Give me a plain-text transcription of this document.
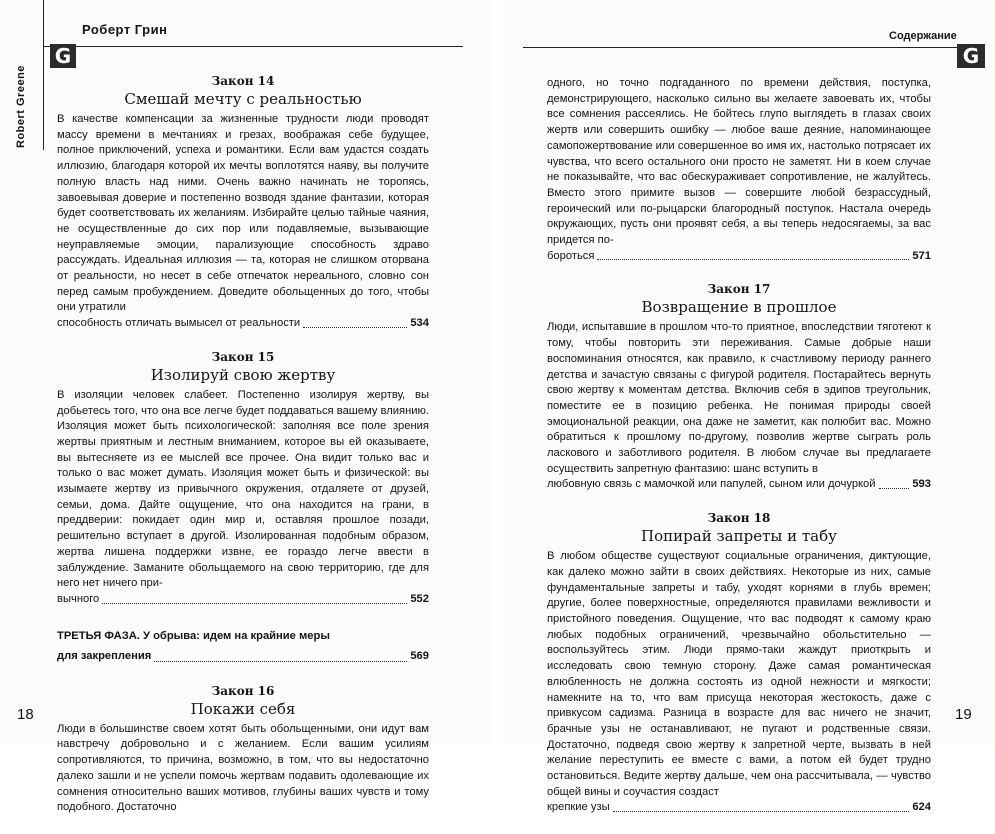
G
Роберт Грин
Robert Greene	Закон 14
Смешай мечту с реальностью

В качестве компенсации за жизненные трудности люди проводят массу времени в мечтаниях и грезах, воображая себе будущее, полное приключений, успеха и романтики. Если вам удастся создать иллюзию, благодаря которой их мечты воплотятся наяву, вы получите полную власть над ними. Очень важно начинать не торопясь, завоевывая доверие и постепенно возводя здание фантазии, которая будет соответствовать их желаниям. Избирайте целью тайные чаяния, не осуществленные до сих пор или подавляемые, вызывающие неуправляемые эмоции, парализующие способность здраво рассуждать. Идеальная иллюзия — та, которая не слишком оторвана от реальности, но несет в себе отпечаток нереального, словно сон перед самым пробуждением. Доведите обольщенных до того, чтобы они утратили

способность отличать вымысел от реальности	534
Закон 15
Изолируй свою жертву

В изоляции человек слабеет. Постепенно изолируя жертву, вы добьетесь того, что она все легче будет поддаваться вашему влиянию. Изоляция может быть психологической: заполняя все поле зрения жертвы приятным и лестным вниманием, которое вы ей оказываете, вы вытесняете из ее мыслей все прочее. Она видит только вас и только о вас может думать. Изоляция может быть и физической: вы изымаете жертву из привычного окружения, отдаляете от друзей, семьи, дома. Дайте ощущение, что она находится на грани, в преддверии: покидает один мир и, оставляя прошлое позади, решительно вступает в другой. Изолированная подобным образом, жертва лишена поддержки извне, ее гораздо легче ввести в заблуждение. Заманите обольщаемого на свою территорию, где для него нет ничего при-

вычного	552
ТРЕТЬЯ ФАЗА. У обрыва: идем на крайние меры
для закрепления	569
Закон 16
Покажи себя

Люди в большинстве своем хотят быть обольщенными, они идут вам навстречу добровольно и с желанием. Если вашим усилиям сопротивляются, то причина, возможно, в том, что вы недостаточно далеко зашли и не успели помочь жертвам подавить одолевающие их сомнения относительно ваших мотивов, глубины ваших чувств и тому подобного. Достаточно

18
Содержание
G

одного, но точно подгаданного по времени действия, поступка, демонстрирующего, насколько сильно вы желаете завоевать их, чтобы все сомнения рассеялись. Не бойтесь глупо выглядеть в глазах своих жертв или совершить ошибку — любое ваше деяние, напоминающее самопожертвование или совершенное во имя их, настолько потрясает их чувства, что всего остального они просто не заметят. Ни в коем случае не показывайте, что вас обескураживает сопротивление, не жалуйтесь. Вместо этого примите вызов — совершите любой безрассудный, героический или по-рыцарски благородный поступок. Настала очередь окружающих, пусть они проявят себя, а вы теперь недосягаемы, за вас придется по-

бороться	571
Закон 17
Возвращение в прошлое

Люди, испытавшие в прошлом что-то приятное, впоследствии тяготеют к тому, чтобы повторить эти переживания. Самые добрые наши воспоминания относятся, как правило, к счастливому периоду раннего детства и зачастую связаны с фигурой родителя. Постарайтесь вернуть свою жертву к моментам детства. Включив себя в эдипов треугольник, поместите ее в позицию ребенка. Не понимая природы своей эмоциональной реакции, она даже не заметит, как полюбит вас. Можно обратиться к прошлому по-другому, позволив жертве сыграть роль ласкового и заботливого родителя. В любом случае вы предлагаете осуществить запретную фантазию: шанс вступить в

любовную связь с мамочкой или папулей, сыном или дочуркой	593
Закон 18
Попирай запреты и табу

В любом обществе существуют социальные ограничения, диктующие, как далеко можно зайти в своих действиях. Некоторые из них, самые фундаментальные запреты и табу, уходят корнями в глубь времен; другие, более поверхностные, определяются правилами вежливости и пристойного поведения. Ощущение, что вас подводят к самому краю любых подобных ограничений, чрезвычайно обольстительно — воспользуйтесь этим. Люди прямо-таки жаждут приоткрыть и исследовать свою темную сторону. Даже самая романтическая влюбленность не должна состоять из одной нежности и мягкости; намекните на то, что вам присуща некоторая жестокость, даже с привкусом садизма. Разница в возрасте для вас ничего не значит, брачные узы не останавливают, не пугают и родственные связи. Достаточно, подведя свою жертву к запретной черте, вызвать в ней желание переступить ее вместе с вами, а потом ей будет трудно остановиться. Ведите жертву дальше, чем она рассчитывала, — чувство общей вины и соучастия создаст

крепкие узы	624
19
